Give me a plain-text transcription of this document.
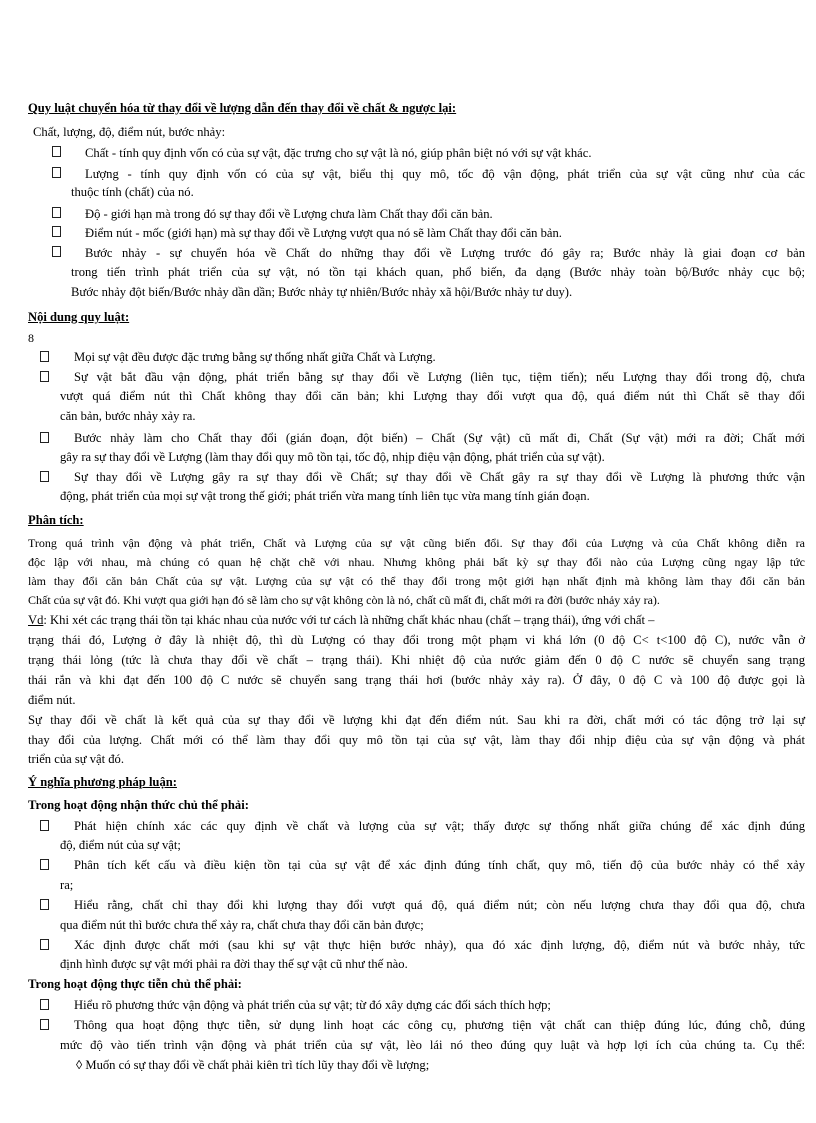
Quy luật chuyển hóa từ thay đổi về lượng dẫn đến thay đổi về chất & ngược lại:
Chất, lượng, độ, điểm nút, bước nhảy:
Chất - tính quy định vốn có của sự vật, đặc trưng cho sự vật là nó, giúp phân biệt nó với sự vật khác.
Lượng - tính quy định vốn có của sự vật, biểu thị quy mô, tốc độ vận động, phát triển của sự vật cũng như của các
thuộc tính (chất) của nó.
Độ - giới hạn mà trong đó sự thay đổi về Lượng chưa làm Chất thay đổi căn bản.
Điểm nút - mốc (giới hạn) mà sự thay đổi về Lượng vượt qua nó sẽ làm Chất thay đổi căn bản.
Bước nhảy - sự chuyển hóa về Chất do những thay đổi về Lượng trước đó gây ra; Bước nhảy là giai đoạn cơ bản
trong tiến trình phát triển của sự vật, nó tồn tại khách quan, phổ biến, đa dạng (Bước nhảy toàn bộ/Bước nhảy cục bộ;
Bước nhảy đột biến/Bước nhảy dần dần; Bước nhảy tự nhiên/Bước nhảy xã hội/Bước nhảy tư duy).
Nội dung quy luật:
8
Mọi sự vật đều được đặc trưng bằng sự thống nhất giữa Chất và Lượng.
Sự vật bắt đầu vận động, phát triển bằng sự thay đổi về Lượng (liên tục, tiệm tiến); nếu Lượng thay đổi trong độ, chưa
vượt quá điểm nút thì Chất không thay đổi căn bản; khi Lượng thay đổi vượt qua độ, quá điểm nút thì Chất sẽ thay đổi
căn bản, bước nhảy xảy ra.
Bước nhảy làm cho Chất thay đổi (gián đoạn, đột biến) – Chất (Sự vật) cũ mất đi, Chất (Sự vật) mới ra đời; Chất mới
gây ra sự thay đổi về Lượng (làm thay đổi quy mô tồn tại, tốc độ, nhịp điệu vận động, phát triển của sự vật).
Sự thay đổi về Lượng gây ra sự thay đổi về Chất; sự thay đổi về Chất gây ra sự thay đổi về Lượng là phương thức vận
động, phát triển của mọi sự vật trong thế giới; phát triển vừa mang tính liên tục vừa mang tính gián đoạn.
Phân tích:
Trong quá trình vận động và phát triển, Chất và Lượng của sự vật cũng biến đổi. Sự thay đổi của Lượng và của Chất không diễn ra
độc lập với nhau, mà chúng có quan hệ chặt chẽ với nhau. Nhưng không phải bất kỳ sự thay đổi nào của Lượng cũng ngay lập tức
làm thay đổi căn bản Chất của sự vật. Lượng của sự vật có thể thay đổi trong một giới hạn nhất định mà không làm thay đổi căn bản
Chất của sự vật đó. Khi vượt qua giới hạn đó sẽ làm cho sự vật không còn là nó, chất cũ mất đi, chất mới ra đời (bước nhảy xảy ra).
Vd: Khi xét các trạng thái tồn tại khác nhau của nước với tư cách là những chất khác nhau (chất – trạng thái), ứng với chất –
trạng thái đó, Lượng ở đây là nhiệt độ, thì dù Lượng có thay đổi trong một phạm vi khá lớn (0 độ C< t<100 độ C), nước vẫn ở
trạng thái lỏng (tức là chưa thay đổi về chất – trạng thái). Khi nhiệt độ của nước giảm đến 0 độ C nước sẽ chuyển sang trạng
thái rắn và khi đạt đến 100 độ C nước sẽ chuyển sang trạng thái hơi (bước nhảy xảy ra). Ở đây, 0 độ C và 100 độ được gọi là
điểm nút.
Sự thay đổi về chất là kết quả của sự thay đổi về lượng khi đạt đến điểm nút. Sau khi ra đời, chất mới có tác động trở lại sự
thay đổi của lượng. Chất mới có thể làm thay đổi quy mô tồn tại của sự vật, làm thay đổi nhịp điệu của sự vận động và phát
triển của sự vật đó.
Ý nghĩa phương pháp luận:
Trong hoạt động nhận thức chủ thể phải:
Phát hiện chính xác các quy định về chất và lượng của sự vật; thấy được sự thống nhất giữa chúng để xác định đúng
độ, điểm nút của sự vật;
Phân tích kết cấu và điều kiện tồn tại của sự vật để xác định đúng tính chất, quy mô, tiến độ của bước nhảy có thể xảy
ra;
Hiểu rằng, chất chỉ thay đổi khi lượng thay đổi vượt quá độ, quá điểm nút; còn nếu lượng chưa thay đổi qua độ, chưa
qua điểm nút thì bước chưa thể xảy ra, chất chưa thay đổi căn bản được;
Xác định được chất mới (sau khi sự vật thực hiện bước nhảy), qua đó xác định lượng, độ, điểm nút và bước nhảy, tức
định hình được sự vật mới phải ra đời thay thế sự vật cũ như thế nào.
Trong hoạt động thực tiễn chủ thể phải:
Hiểu rõ phương thức vận động và phát triển của sự vật; từ đó xây dựng các đối sách thích hợp;
Thông qua hoạt động thực tiễn, sử dụng linh hoạt các công cụ, phương tiện vật chất can thiệp đúng lúc, đúng chỗ, đúng
mức độ vào tiến trình vận động và phát triển của sự vật, lèo lái nó theo đúng quy luật và hợp lợi ích của chúng ta. Cụ thể:
◊ Muốn có sự thay đổi về chất phải kiên trì tích lũy thay đổi về lượng;
